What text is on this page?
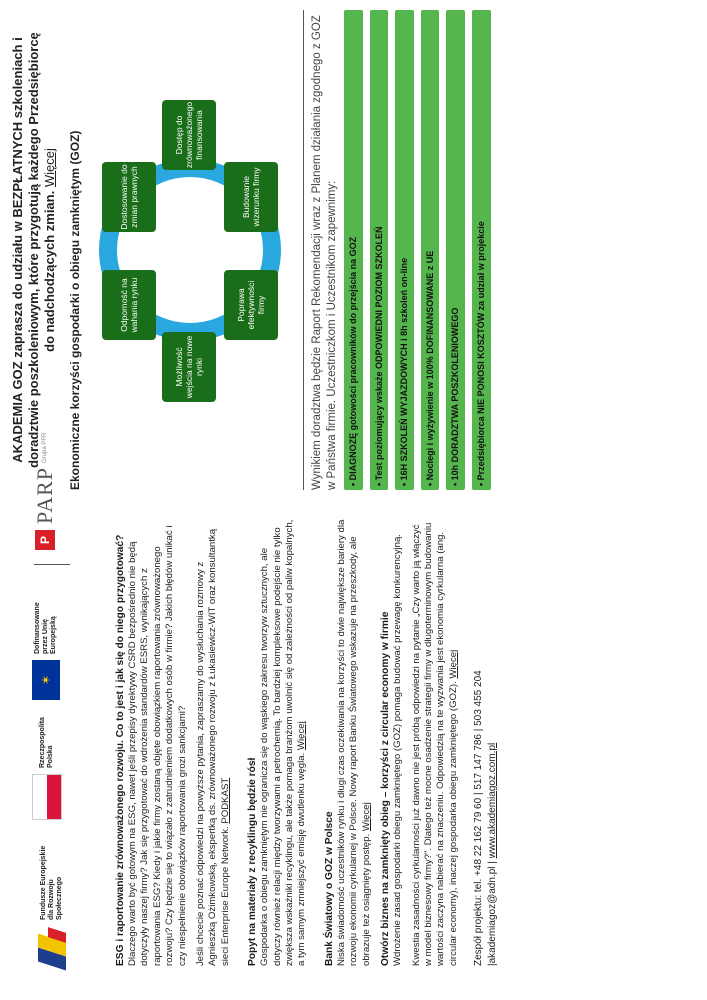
Fundusze Europejskie dla Rozwoju Społecznego
Rzeczpospolita Polska
✶
Dofinansowane przez Unię Europejską
P
PARP
Grupa PFR
ESG i raportowanie zrównoważonego rozwoju. Co to jest i jak się do niego przygotować? Dlaczego warto być gotowym na ESG, nawet jeśli przepisy dyrektywy CSRD bezpośrednio nie będą dotyczyły naszej firmy? Jak się przygotować do wdrożenia standardów ESRS, wynikających z raportowania ESG? Kiedy i jakie firmy zostaną objęte obowiązkiem raportowania zrównoważonego rozwoju? Czy będzie się to wiązało z zatrudnieniem dodatkowych osób w firmie? Jakich błędów unikać i czy niespełnienie obowiązków raportowania grozi sankcjami? Jeśli chcecie poznać odpowiedzi na powyższe pytania, zapraszamy do wysłuchania rozmowy z Agnieszką Ożimkowską, ekspertką ds. zrównoważonego rozwoju z Łukasiewicz-WIT oraz konsultantką sieci Enterprise Europe Network. PODKAST Popyt na materiały z recyklingu będzie rósł Gospodarka o obiegu zamkniętym nie ogranicza się do wąskiego zakresu tworzyw sztucznych, ale dotyczy również relacji między tworzywami a petrochemią. To bardziej kompleksowe podejście nie tylko zwiększa wskaźniki recyklingu, ale także pomaga branżom uwolnić się od zależności od paliw kopalnych, a tym samym zmniejszyć emisję dwutlenku węgla. Więcej

Bank Światowy o GOZ w Polsce Niska świadomość uczestników rynku i długi czas oczekiwania na korzyści to dwie największe bariery dla rozwoju ekonomii cyrkularnej w Polsce. Nowy raport Banku Światowego wskazuje na przeszkody, ale obrazuje też osiągnięty postęp. Więcej Otwórz biznes na zamknięty obieg – korzyści z circular economy w firmie Wdrożenie zasad gospodarki obiegu zamkniętego (GOZ) pomaga budować przewagę konkurencyjną. Kwestia zasadności cyrkularności już dawno nie jest próbą odpowiedzi na pytanie „Czy warto ją włączyć w model biznesowy firmy?". Dlatego też mocne osadzenie strategii firmy w długoterminowym budowaniu wartości zaczyna nabierać na znaczeniu. Odpowiedzią na te wyzwania jest ekonomia cyrkularna (ang. circular economy), inaczej gospodarka obiegu zamkniętego (GOZ). Więcej

Zespół projektu: tel. +48 22 162 79 60 | 517 147 786 | 503 455 204 |akademiagoz@adn.pl | www.akademiagoz.com.pl
AKADEMIA GOZ zaprasza do udziału w BEZPŁATNYCH szkoleniach i doradztwie poszkoleniowym, które przygotują każdego Przedsiębiorcę do nadchodzących zmian. Więcej Ekonomiczne korzyści gospodarki o obiegu zamkniętym (GOZ)	Odporność na wahania rynku
Dostosowanie do zmian prawnych
Dostęp do zrównoważonego finansowania
Budowanie wizerunku firmy
Poprawa efektywności firmy
Możliwość wejścia na nowe rynki	Wynikiem doradztwa będzie Raport Rekomendacji wraz z Planem działania zgodnego z GOZ w Państwa firmie. Uczestniczkom i Uczestnikom zapewnimy:	• DIAGNOZĘ gotowości pracowników do przejścia na GOZ	• Test poziomujący wskaże ODPOWIEDNI POZIOM SZKOLEŃ	• 16H SZKOLEŃ WYJAZDOWYCH i 8h szkoleń on-line	• Noclegi i wyżywienie w 100% DOFINANSOWANE z UE	• 10h DORADZTWA POSZKOLENIOWEGO	• Przedsiębiorca NIE PONOSI KOSZTÓW za udział w projekcie
